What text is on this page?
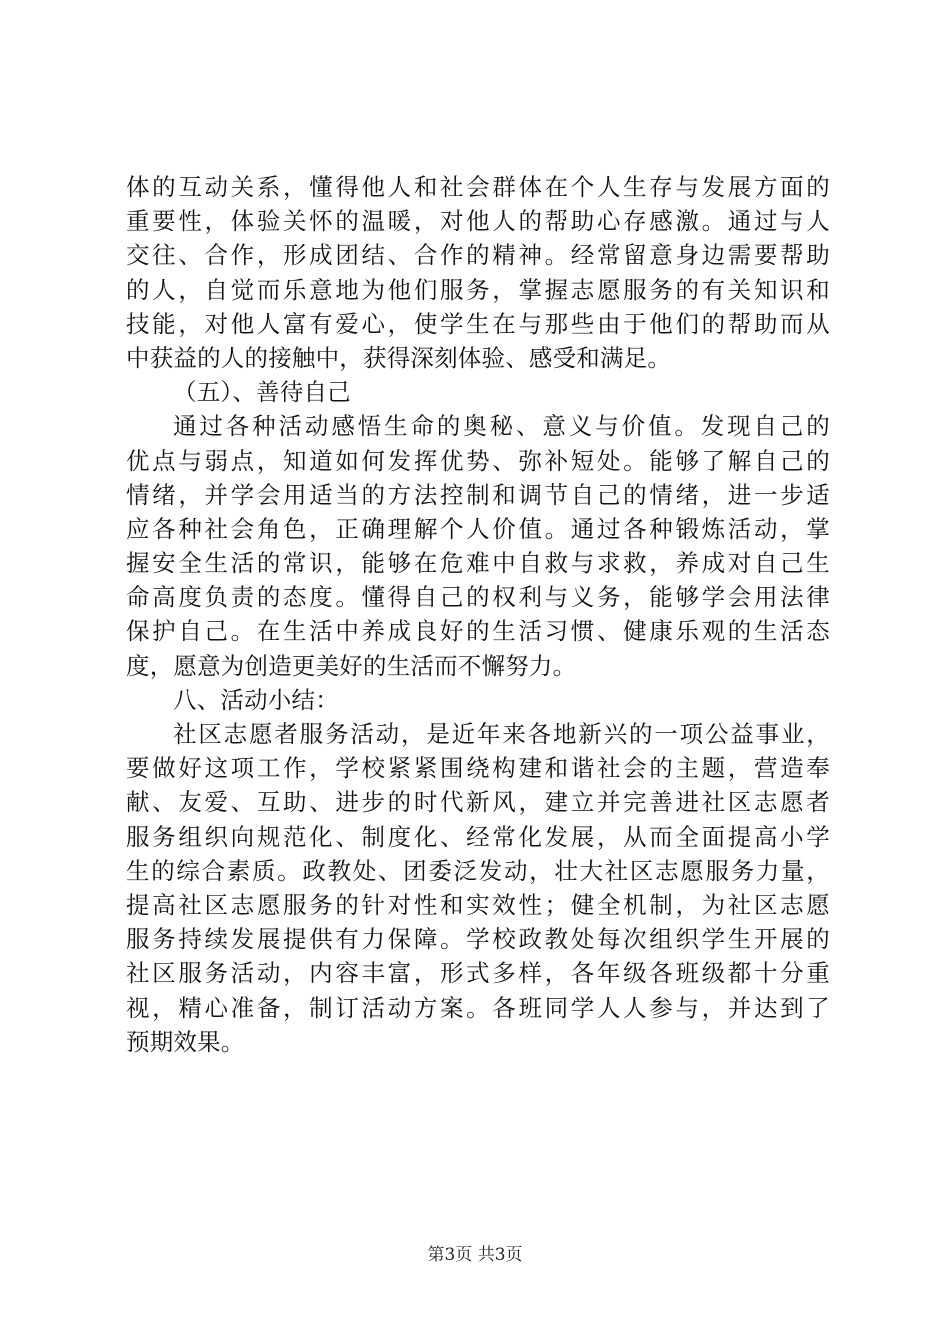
体的互动关系，懂得他人和社会群体在个人生存与发展方面的
重要性，体验关怀的温暖，对他人的帮助心存感激。通过与人
交往、合作，形成团结、合作的精神。经常留意身边需要帮助
的人，自觉而乐意地为他们服务，掌握志愿服务的有关知识和
技能，对他人富有爱心，使学生在与那些由于他们的帮助而从
中获益的人的接触中，获得深刻体验、感受和满足。
（五）、善待自己
通过各种活动感悟生命的奥秘、意义与价值。发现自己的
优点与弱点，知道如何发挥优势、弥补短处。能够了解自己的
情绪，并学会用适当的方法控制和调节自己的情绪，进一步适
应各种社会角色，正确理解个人价值。通过各种锻炼活动，掌
握安全生活的常识，能够在危难中自救与求救，养成对自己生
命高度负责的态度。懂得自己的权利与义务，能够学会用法律
保护自己。在生活中养成良好的生活习惯、健康乐观的生活态
度，愿意为创造更美好的生活而不懈努力。
八、活动小结：
社区志愿者服务活动，是近年来各地新兴的一项公益事业，
要做好这项工作，学校紧紧围绕构建和谐社会的主题，营造奉
献、友爱、互助、进步的时代新风，建立并完善进社区志愿者
服务组织向规范化、制度化、经常化发展，从而全面提高小学
生的综合素质。政教处、团委泛发动，壮大社区志愿服务力量，
提高社区志愿服务的针对性和实效性；健全机制，为社区志愿
服务持续发展提供有力保障。学校政教处每次组织学生开展的
社区服务活动，内容丰富，形式多样，各年级各班级都十分重
视，精心准备，制订活动方案。各班同学人人参与，并达到了
预期效果。
第3页 共3页
